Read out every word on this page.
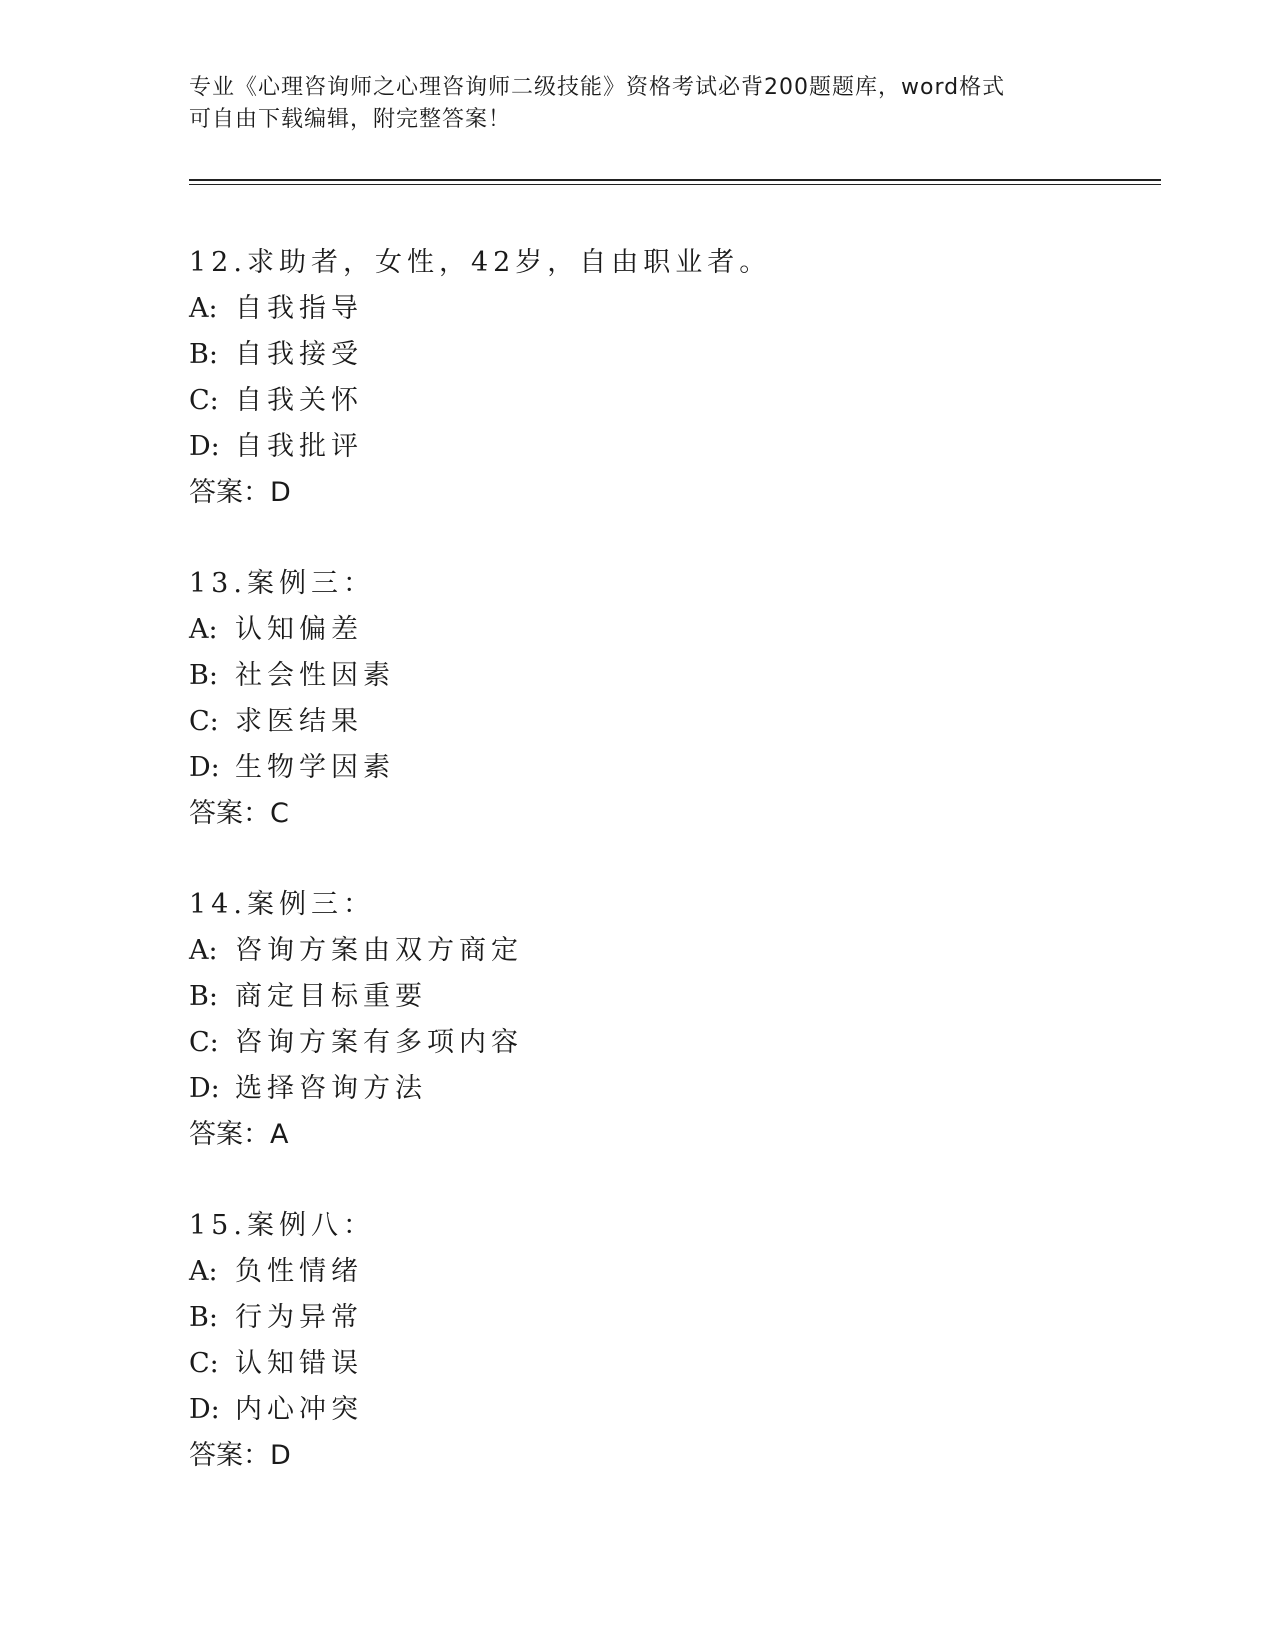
专业《心理咨询师之心理咨询师二级技能》资格考试必背200题题库，word格式
可自由下载编辑，附完整答案！
12.求助者，女性，42岁，自由职业者。
A: 自我指导
B: 自我接受
C: 自我关怀
D: 自我批评
答案：D
13.案例三：
A: 认知偏差
B: 社会性因素
C: 求医结果
D: 生物学因素
答案：C
14.案例三：
A: 咨询方案由双方商定
B: 商定目标重要
C: 咨询方案有多项内容
D: 选择咨询方法
答案：A
15.案例八：
A: 负性情绪
B: 行为异常
C: 认知错误
D: 内心冲突
答案：D
